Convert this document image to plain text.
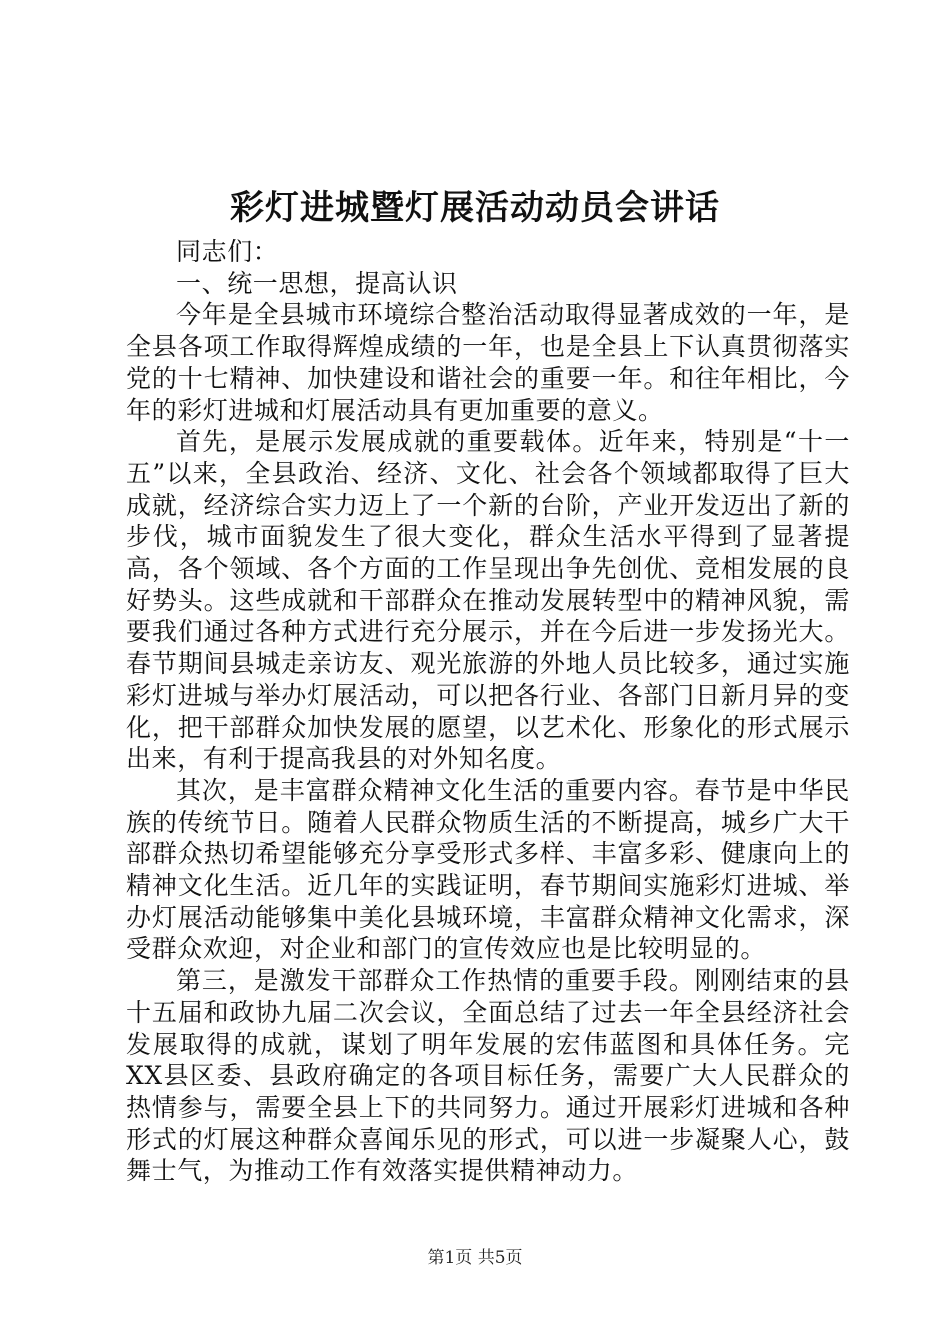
彩灯进城暨灯展活动动员会讲话

同志们：

一、统一思想，提高认识

今年是全县城市环境综合整治活动取得显著成效的一年，是全县各项工作取得辉煌成绩的一年，也是全县上下认真贯彻落实党的十七精神、加快建设和谐社会的重要一年。和往年相比，今年的彩灯进城和灯展活动具有更加重要的意义。

首先，是展示发展成就的重要载体。近年来，特别是“十一五”以来，全县政治、经济、文化、社会各个领域都取得了巨大成就，经济综合实力迈上了一个新的台阶，产业开发迈出了新的步伐，城市面貌发生了很大变化，群众生活水平得到了显著提高，各个领域、各个方面的工作呈现出争先创优、竞相发展的良好势头。这些成就和干部群众在推动发展转型中的精神风貌，需要我们通过各种方式进行充分展示，并在今后进一步发扬光大。春节期间县城走亲访友、观光旅游的外地人员比较多，通过实施彩灯进城与举办灯展活动，可以把各行业、各部门日新月异的变化，把干部群众加快发展的愿望，以艺术化、形象化的形式展示出来，有利于提高我县的对外知名度。

其次，是丰富群众精神文化生活的重要内容。春节是中华民族的传统节日。随着人民群众物质生活的不断提高，城乡广大干部群众热切希望能够充分享受形式多样、丰富多彩、健康向上的精神文化生活。近几年的实践证明，春节期间实施彩灯进城、举办灯展活动能够集中美化县城环境，丰富群众精神文化需求，深受群众欢迎，对企业和部门的宣传效应也是比较明显的。

第三，是激发干部群众工作热情的重要手段。刚刚结束的县十五届和政协九届二次会议，全面总结了过去一年全县经济社会发展取得的成就，谋划了明年发展的宏伟蓝图和具体任务。完XX县区委、县政府确定的各项目标任务，需要广大人民群众的热情参与，需要全县上下的共同努力。通过开展彩灯进城和各种形式的灯展这种群众喜闻乐见的形式，可以进一步凝聚人心，鼓舞士气，为推动工作有效落实提供精神动力。

第1页 共5页
